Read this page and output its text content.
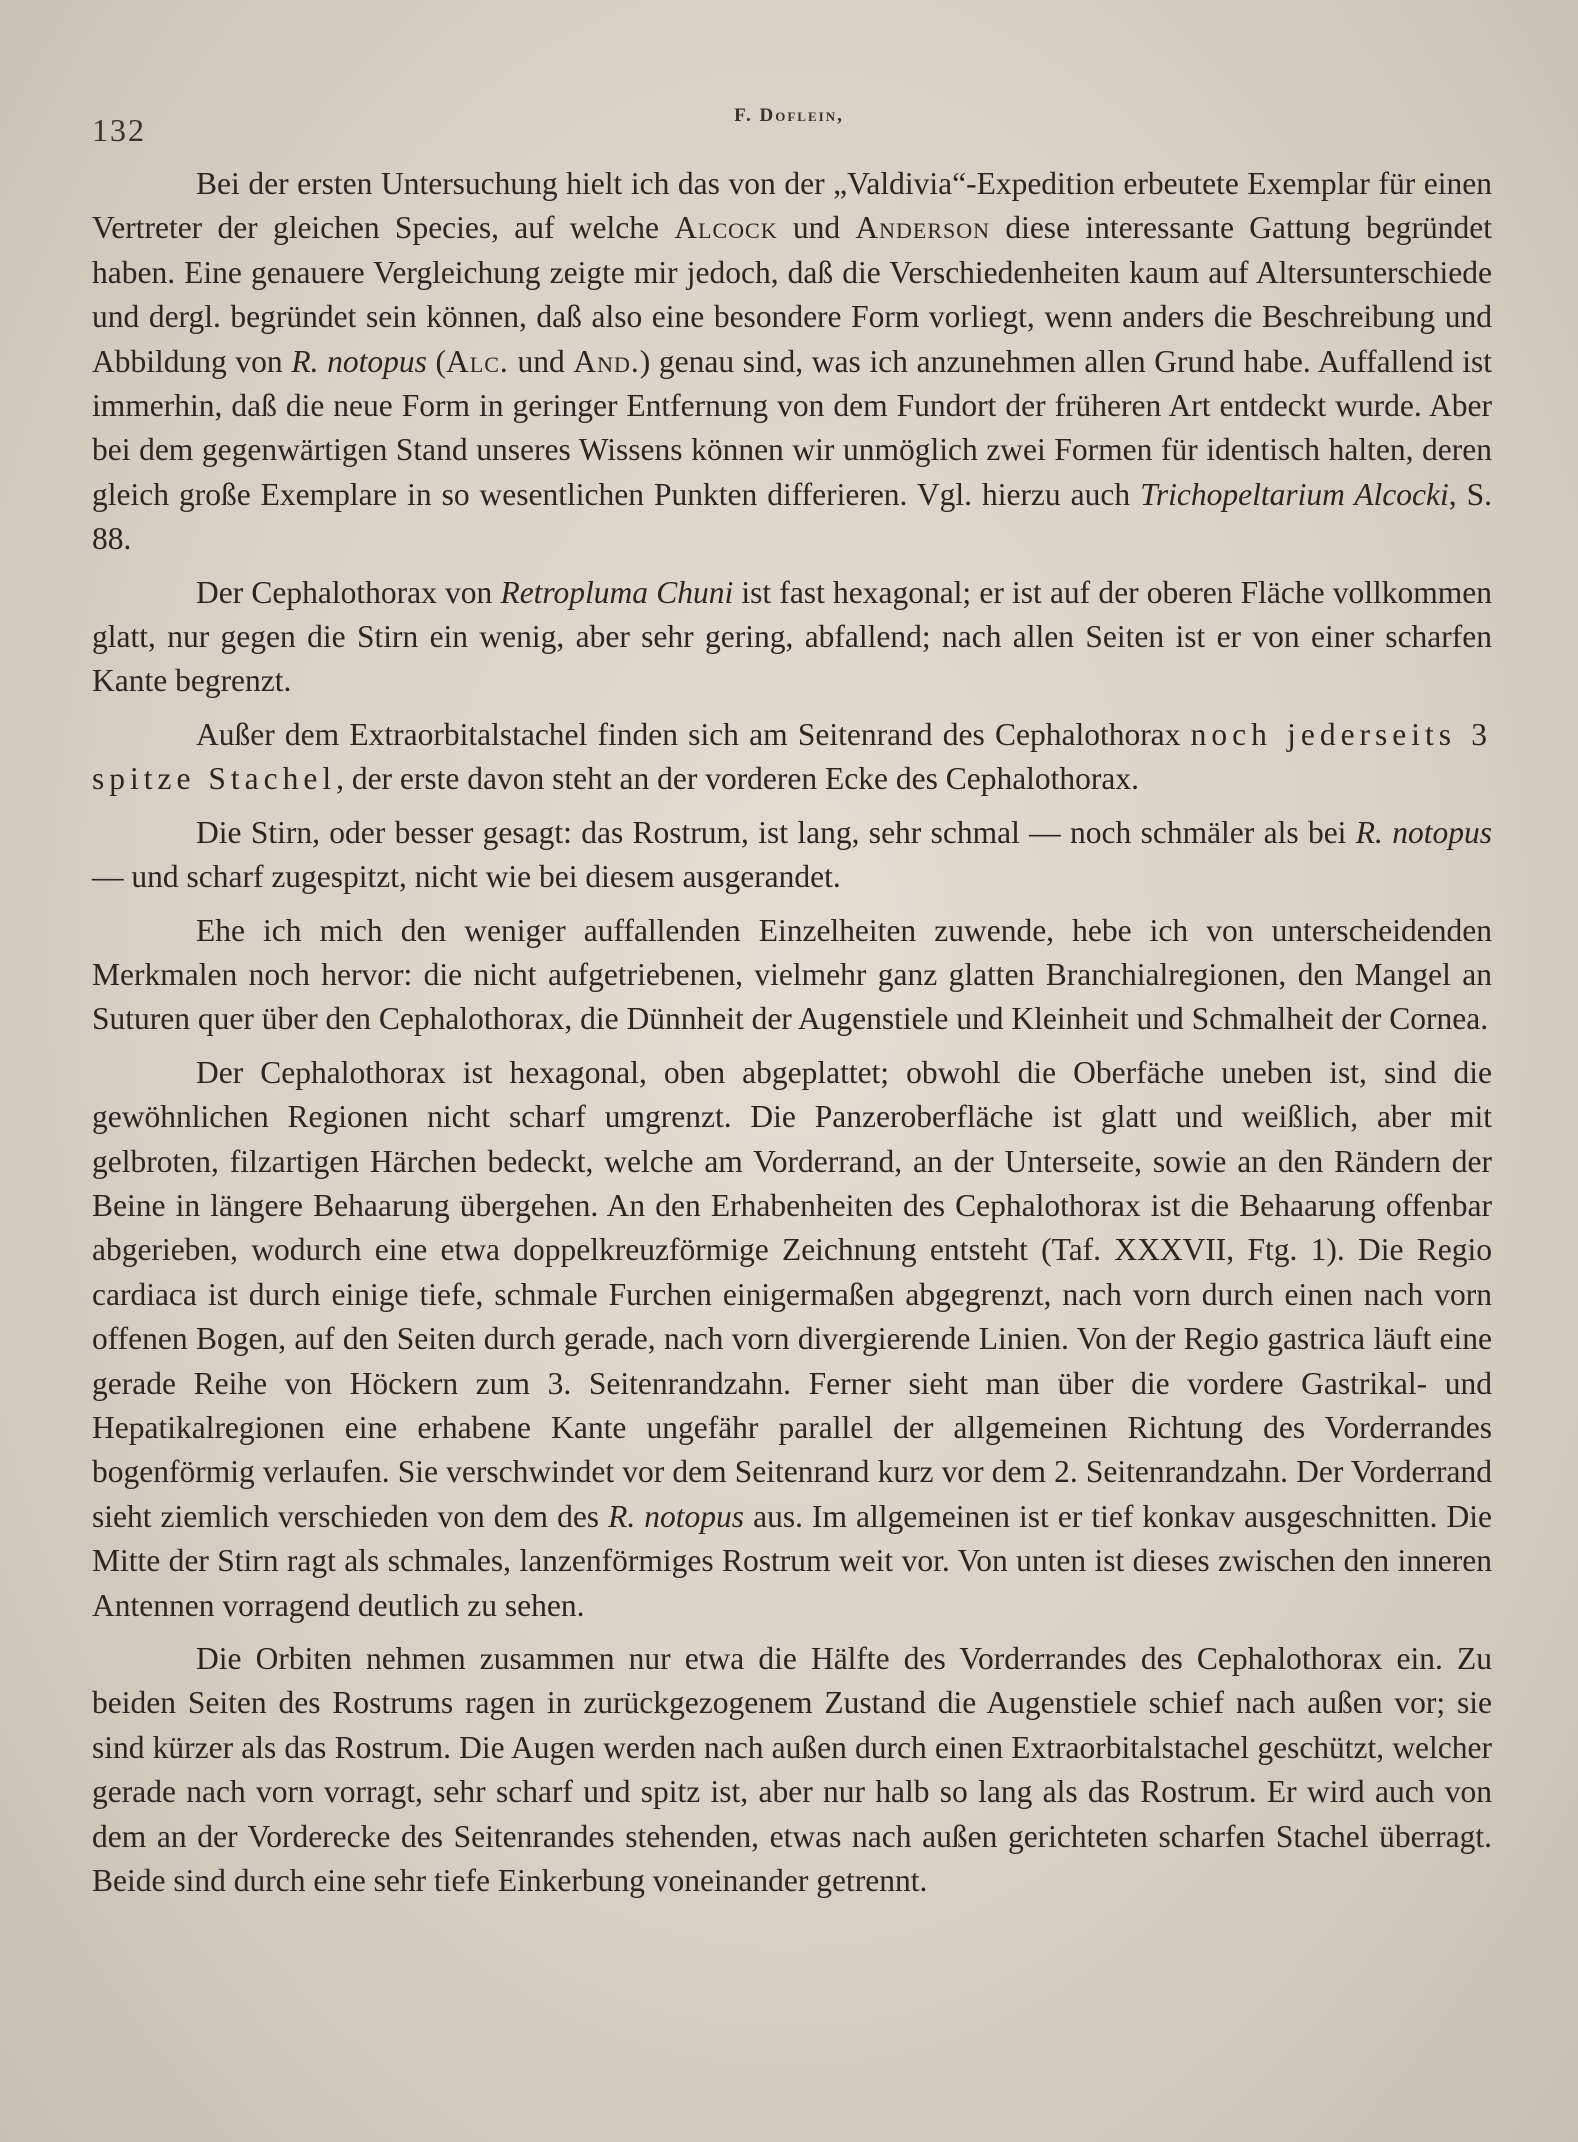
132	F. Doflein,

Bei der ersten Untersuchung hielt ich das von der „Valdivia“-Expedition erbeutete Exemplar für einen Vertreter der gleichen Species, auf welche Alcock und Anderson diese interessante Gattung begründet haben. Eine genauere Vergleichung zeigte mir jedoch, daß die Verschiedenheiten kaum auf Altersunterschiede und dergl. begründet sein können, daß also eine besondere Form vorliegt, wenn anders die Beschreibung und Abbildung von R. notopus (Alc. und And.) genau sind, was ich anzunehmen allen Grund habe. Auffallend ist immerhin, daß die neue Form in geringer Entfernung von dem Fundort der früheren Art entdeckt wurde. Aber bei dem gegenwärtigen Stand unseres Wissens können wir unmöglich zwei Formen für identisch halten, deren gleich große Exemplare in so wesentlichen Punkten differieren. Vgl. hierzu auch Trichopeltarium Alcocki, S. 88.

Der Cephalothorax von Retropluma Chuni ist fast hexagonal; er ist auf der oberen Fläche vollkommen glatt, nur gegen die Stirn ein wenig, aber sehr gering, abfallend; nach allen Seiten ist er von einer scharfen Kante begrenzt.

Außer dem Extraorbitalstachel finden sich am Seitenrand des Cephalothorax noch jederseits 3 spitze Stachel, der erste davon steht an der vorderen Ecke des Cephalothorax.

Die Stirn, oder besser gesagt: das Rostrum, ist lang, sehr schmal — noch schmäler als bei R. notopus — und scharf zugespitzt, nicht wie bei diesem ausgerandet.

Ehe ich mich den weniger auffallenden Einzelheiten zuwende, hebe ich von unterscheidenden Merkmalen noch hervor: die nicht aufgetriebenen, vielmehr ganz glatten Branchialregionen, den Mangel an Suturen quer über den Cephalothorax, die Dünnheit der Augenstiele und Kleinheit und Schmalheit der Cornea.

Der Cephalothorax ist hexagonal, oben abgeplattet; obwohl die Oberfäche uneben ist, sind die gewöhnlichen Regionen nicht scharf umgrenzt. Die Panzeroberfläche ist glatt und weißlich, aber mit gelbroten, filzartigen Härchen bedeckt, welche am Vorderrand, an der Unterseite, sowie an den Rändern der Beine in längere Behaarung übergehen. An den Erhabenheiten des Cephalothorax ist die Behaarung offenbar abgerieben, wodurch eine etwa doppelkreuzförmige Zeichnung entsteht (Taf. XXXVII, Ftg. 1). Die Regio cardiaca ist durch einige tiefe, schmale Furchen einigermaßen abgegrenzt, nach vorn durch einen nach vorn offenen Bogen, auf den Seiten durch gerade, nach vorn divergierende Linien. Von der Regio gastrica läuft eine gerade Reihe von Höckern zum 3. Seitenrandzahn. Ferner sieht man über die vordere Gastrikal- und Hepatikalregionen eine erhabene Kante ungefähr parallel der allgemeinen Richtung des Vorderrandes bogenförmig verlaufen. Sie verschwindet vor dem Seitenrand kurz vor dem 2. Seitenrandzahn. Der Vorderrand sieht ziemlich verschieden von dem des R. notopus aus. Im allgemeinen ist er tief konkav ausgeschnitten. Die Mitte der Stirn ragt als schmales, lanzenförmiges Rostrum weit vor. Von unten ist dieses zwischen den inneren Antennen vorragend deutlich zu sehen.

Die Orbiten nehmen zusammen nur etwa die Hälfte des Vorderrandes des Cephalothorax ein. Zu beiden Seiten des Rostrums ragen in zurückgezogenem Zustand die Augenstiele schief nach außen vor; sie sind kürzer als das Rostrum. Die Augen werden nach außen durch einen Extraorbitalstachel geschützt, welcher gerade nach vorn vorragt, sehr scharf und spitz ist, aber nur halb so lang als das Rostrum. Er wird auch von dem an der Vorderecke des Seitenrandes stehenden, etwas nach außen gerichteten scharfen Stachel überragt. Beide sind durch eine sehr tiefe Einkerbung voneinander getrennt.
